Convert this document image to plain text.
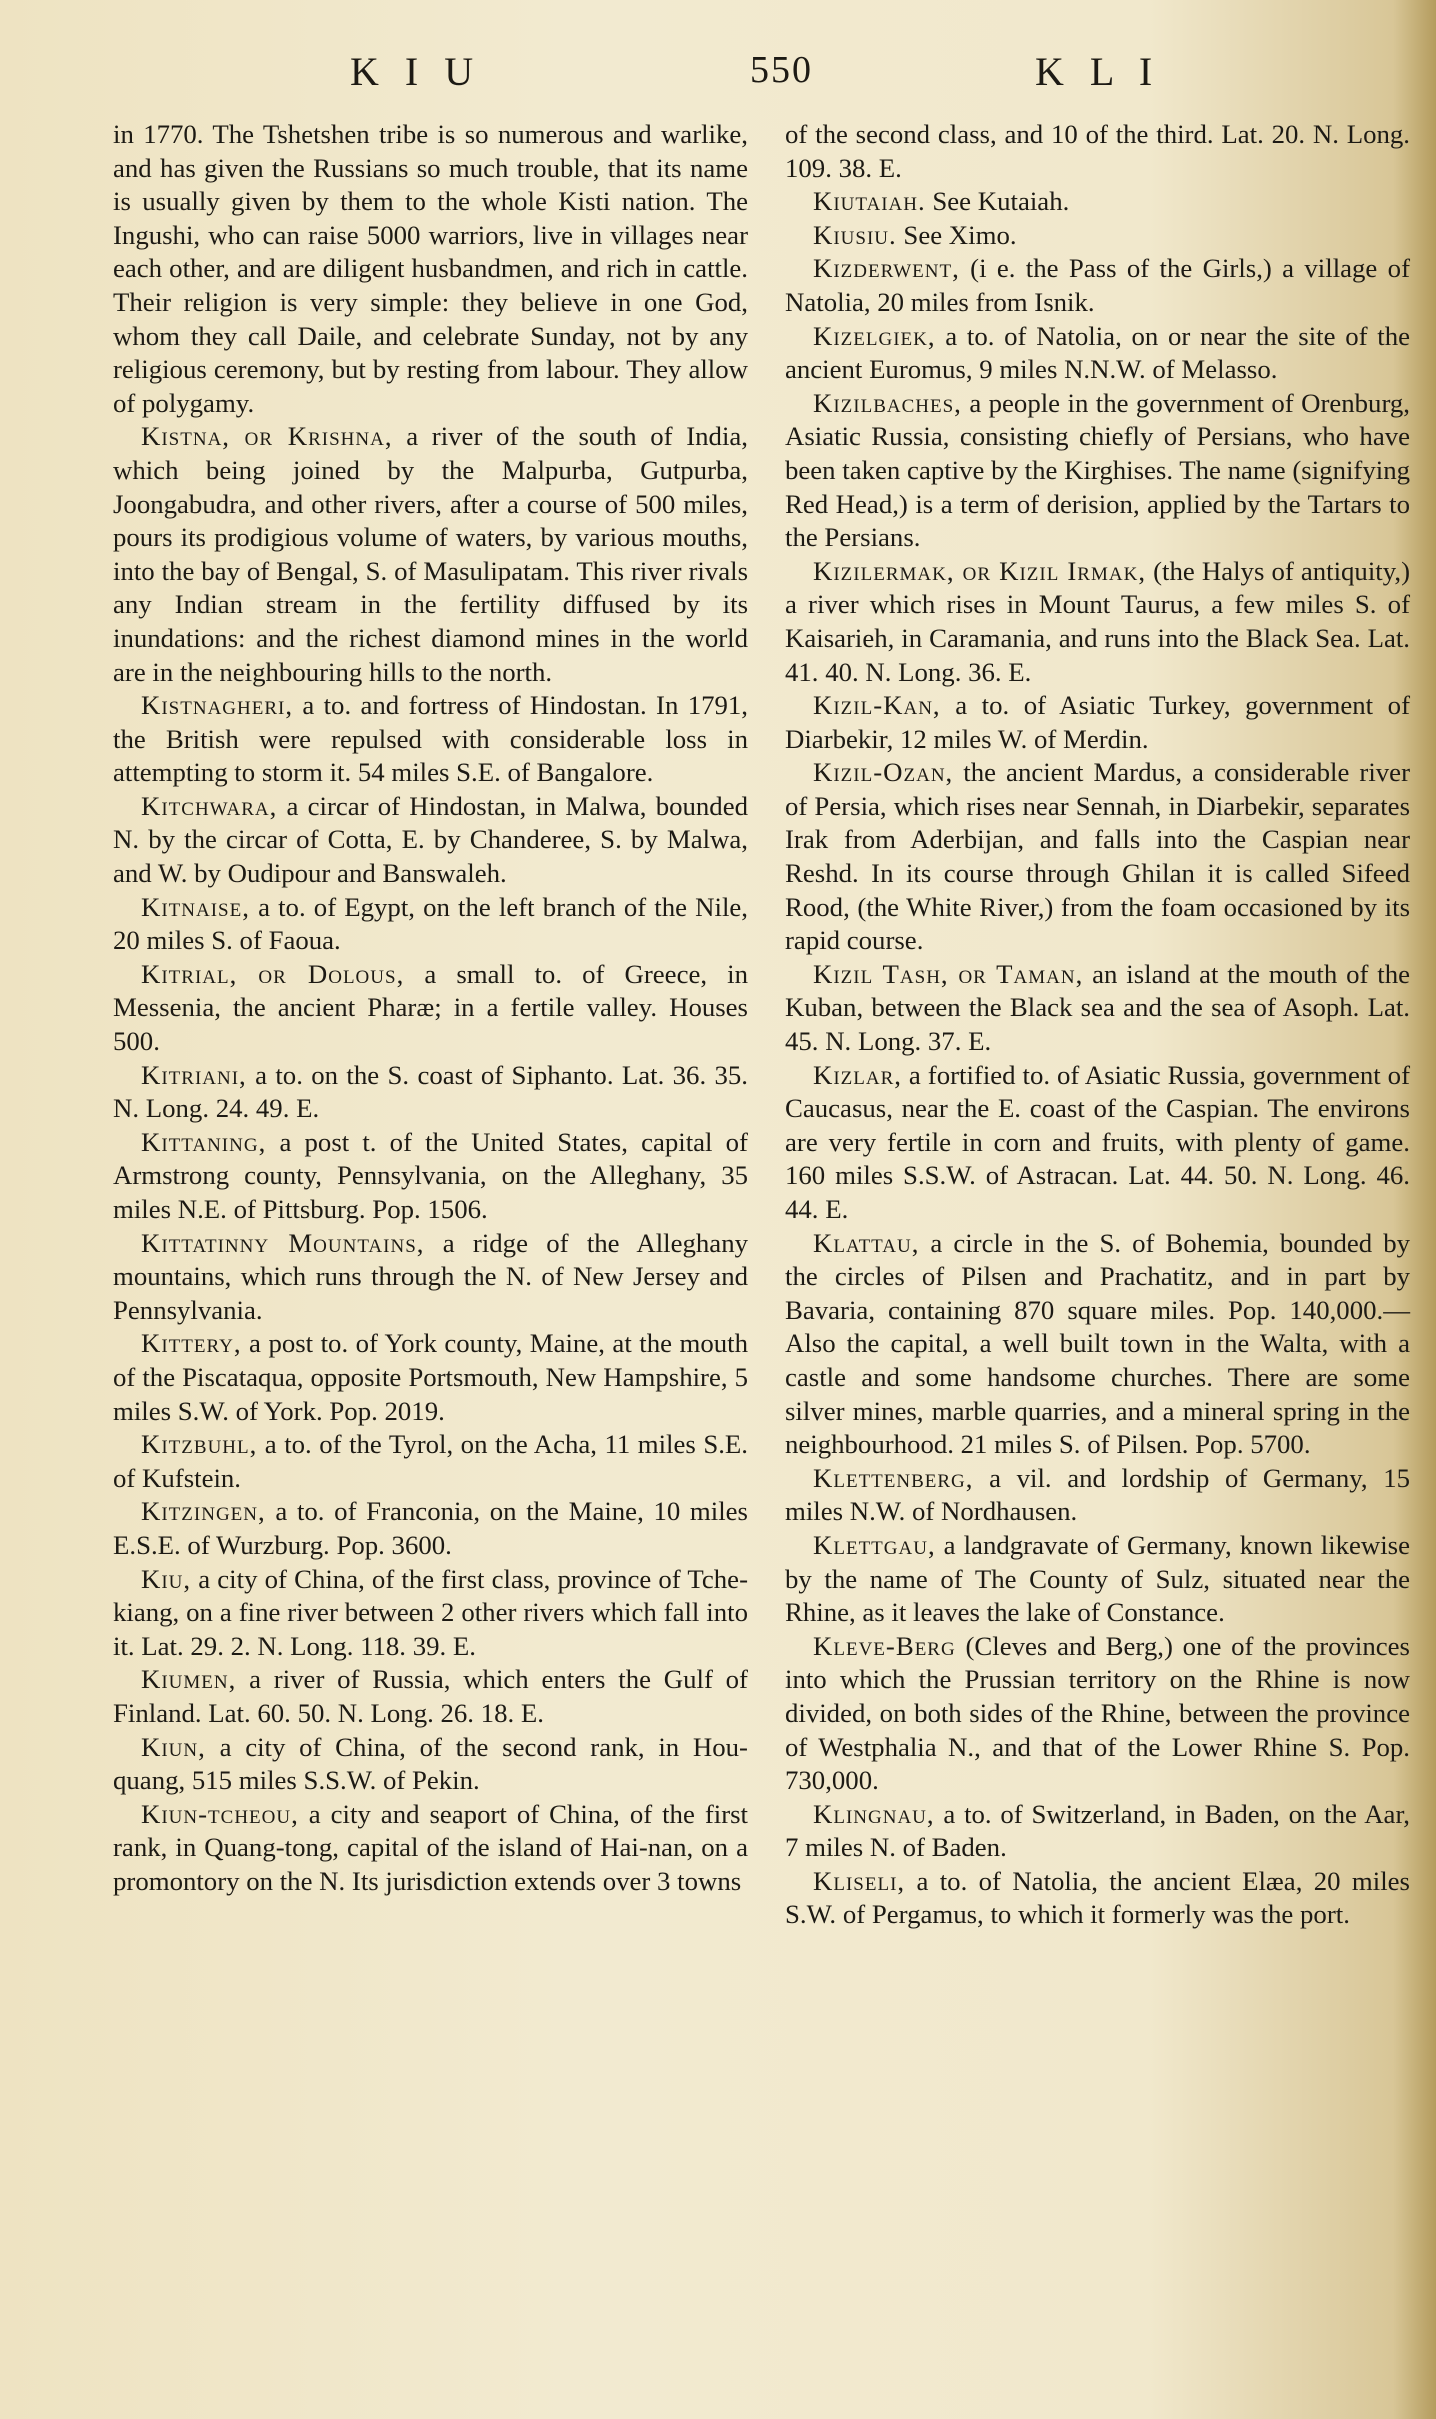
K I U	550	K L I

in 1770. The Tshetshen tribe is so numerous and warlike, and has given the Russians so much trouble, that its name is usually given by them to the whole Kisti nation. The Ingushi, who can raise 5000 warriors, live in villages near each other, and are diligent husbandmen, and rich in cattle. Their religion is very simple: they believe in one God, whom they call Daile, and celebrate Sunday, not by any religious ceremony, but by resting from labour. They allow of polygamy.

Kistna, or Krishna, a river of the south of India, which being joined by the Malpurba, Gutpurba, Joongabudra, and other rivers, after a course of 500 miles, pours its prodigious volume of waters, by various mouths, into the bay of Bengal, S. of Masulipatam. This river rivals any Indian stream in the fertility diffused by its inundations: and the richest diamond mines in the world are in the neighbouring hills to the north.

Kistnagheri, a to. and fortress of Hindostan. In 1791, the British were repulsed with considerable loss in attempting to storm it. 54 miles S.E. of Bangalore.

Kitchwara, a circar of Hindostan, in Malwa, bounded N. by the circar of Cotta, E. by Chanderee, S. by Malwa, and W. by Oudipour and Banswaleh.

Kitnaise, a to. of Egypt, on the left branch of the Nile, 20 miles S. of Faoua.

Kitrial, or Dolous, a small to. of Greece, in Messenia, the ancient Pharæ; in a fertile valley. Houses 500.

Kitriani, a to. on the S. coast of Siphanto. Lat. 36. 35. N. Long. 24. 49. E.

Kittaning, a post t. of the United States, capital of Armstrong county, Pennsylvania, on the Alleghany, 35 miles N.E. of Pittsburg. Pop. 1506.

Kittatinny Mountains, a ridge of the Alleghany mountains, which runs through the N. of New Jersey and Pennsylvania.

Kittery, a post to. of York county, Maine, at the mouth of the Piscataqua, opposite Portsmouth, New Hampshire, 5 miles S.W. of York. Pop. 2019.

Kitzbuhl, a to. of the Tyrol, on the Acha, 11 miles S.E. of Kufstein.

Kitzingen, a to. of Franconia, on the Maine, 10 miles E.S.E. of Wurzburg. Pop. 3600.

Kiu, a city of China, of the first class, province of Tche-kiang, on a fine river between 2 other rivers which fall into it. Lat. 29. 2. N. Long. 118. 39. E.

Kiumen, a river of Russia, which enters the Gulf of Finland. Lat. 60. 50. N. Long. 26. 18. E.

Kiun, a city of China, of the second rank, in Hou-quang, 515 miles S.S.W. of Pekin.

Kiun-tcheou, a city and seaport of China, of the first rank, in Quang-tong, capital of the island of Hai-nan, on a promontory on the N. Its jurisdiction extends over 3 towns

of the second class, and 10 of the third. Lat. 20. N. Long. 109. 38. E.

Kiutaiah. See Kutaiah.

Kiusiu. See Ximo.

Kizderwent, (i e. the Pass of the Girls,) a village of Natolia, 20 miles from Isnik.

Kizelgiek, a to. of Natolia, on or near the site of the ancient Euromus, 9 miles N.N.W. of Melasso.

Kizilbaches, a people in the government of Orenburg, Asiatic Russia, consisting chiefly of Persians, who have been taken captive by the Kirghises. The name (signifying Red Head,) is a term of derision, applied by the Tartars to the Persians.

Kizilermak, or Kizil Irmak, (the Halys of antiquity,) a river which rises in Mount Taurus, a few miles S. of Kaisarieh, in Caramania, and runs into the Black Sea. Lat. 41. 40. N. Long. 36. E.

Kizil-Kan, a to. of Asiatic Turkey, government of Diarbekir, 12 miles W. of Merdin.

Kizil-Ozan, the ancient Mardus, a considerable river of Persia, which rises near Sennah, in Diarbekir, separates Irak from Aderbijan, and falls into the Caspian near Reshd. In its course through Ghilan it is called Sifeed Rood, (the White River,) from the foam occasioned by its rapid course.

Kizil Tash, or Taman, an island at the mouth of the Kuban, between the Black sea and the sea of Asoph. Lat. 45. N. Long. 37. E.

Kizlar, a fortified to. of Asiatic Russia, government of Caucasus, near the E. coast of the Caspian. The environs are very fertile in corn and fruits, with plenty of game. 160 miles S.S.W. of Astracan. Lat. 44. 50. N. Long. 46. 44. E.

Klattau, a circle in the S. of Bohemia, bounded by the circles of Pilsen and Prachatitz, and in part by Bavaria, containing 870 square miles. Pop. 140,000.—Also the capital, a well built town in the Walta, with a castle and some handsome churches. There are some silver mines, marble quarries, and a mineral spring in the neighbourhood. 21 miles S. of Pilsen. Pop. 5700.

Klettenberg, a vil. and lordship of Germany, 15 miles N.W. of Nordhausen.

Klettgau, a landgravate of Germany, known likewise by the name of The County of Sulz, situated near the Rhine, as it leaves the lake of Constance.

Kleve-Berg (Cleves and Berg,) one of the provinces into which the Prussian territory on the Rhine is now divided, on both sides of the Rhine, between the province of Westphalia N., and that of the Lower Rhine S. Pop. 730,000.

Klingnau, a to. of Switzerland, in Baden, on the Aar, 7 miles N. of Baden.

Kliseli, a to. of Natolia, the ancient Elæa, 20 miles S.W. of Pergamus, to which it formerly was the port.
